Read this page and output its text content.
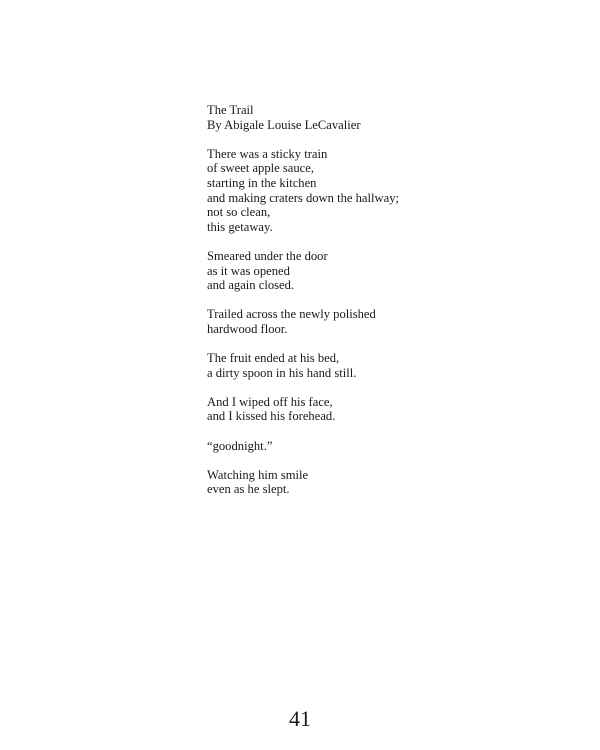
The Trail
By Abigale Louise LeCavalier
There was a sticky train
of sweet apple sauce,
starting in the kitchen
and making craters down the hallway;
not so clean,
this getaway.
Smeared under the door
as it was opened
and again closed.
Trailed across the newly polished
hardwood floor.
The fruit ended at his bed,
a dirty spoon in his hand still.
And I wiped off his face,
and I kissed his forehead.
“goodnight.”
Watching him smile
even as he slept.
41
